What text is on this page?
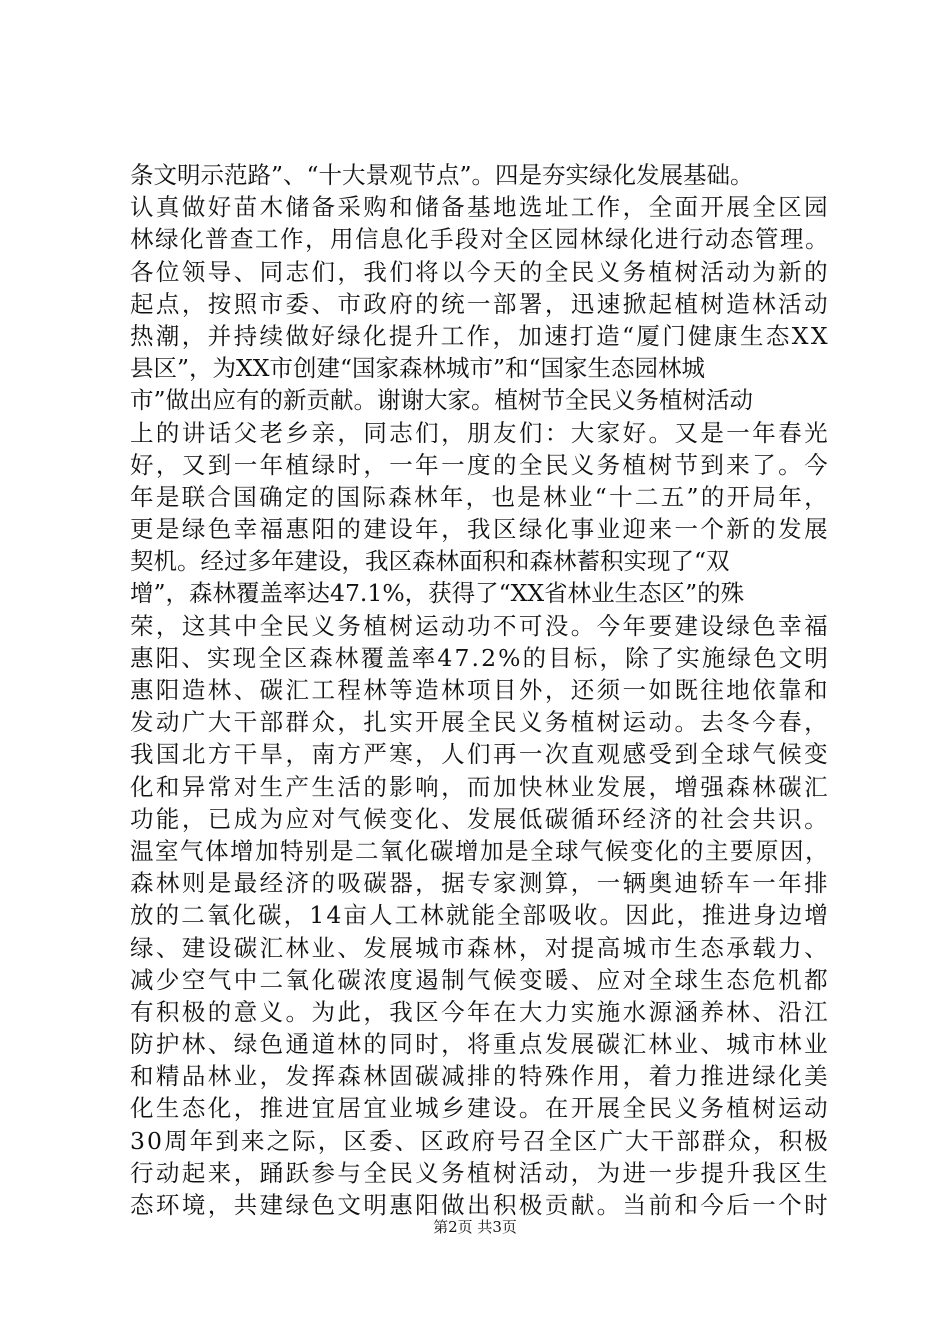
条文明示范路”、“十大景观节点”。四是夯实绿化发展基础。
认真做好苗木储备采购和储备基地选址工作，全面开展全区园
林绿化普查工作，用信息化手段对全区园林绿化进行动态管理。
各位领导、同志们，我们将以今天的全民义务植树活动为新的
起点，按照市委、市政府的统一部署，迅速掀起植树造林活动
热潮，并持续做好绿化提升工作，加速打造“厦门健康生态XX
县区”，为XX市创建“国家森林城市”和“国家生态园林城
市”做出应有的新贡献。谢谢大家。植树节全民义务植树活动
上的讲话父老乡亲，同志们，朋友们：大家好。又是一年春光
好，又到一年植绿时，一年一度的全民义务植树节到来了。今
年是联合国确定的国际森林年，也是林业“十二五”的开局年，
更是绿色幸福惠阳的建设年，我区绿化事业迎来一个新的发展
契机。经过多年建设，我区森林面积和森林蓄积实现了“双
增”，森林覆盖率达47.1%，获得了“XX省林业生态区”的殊
荣，这其中全民义务植树运动功不可没。今年要建设绿色幸福
惠阳、实现全区森林覆盖率47.2%的目标，除了实施绿色文明
惠阳造林、碳汇工程林等造林项目外，还须一如既往地依靠和
发动广大干部群众，扎实开展全民义务植树运动。去冬今春，
我国北方干旱，南方严寒，人们再一次直观感受到全球气候变
化和异常对生产生活的影响，而加快林业发展，增强森林碳汇
功能，已成为应对气候变化、发展低碳循环经济的社会共识。
温室气体增加特别是二氧化碳增加是全球气候变化的主要原因，
森林则是最经济的吸碳器，据专家测算，一辆奥迪轿车一年排
放的二氧化碳，14亩人工林就能全部吸收。因此，推进身边增
绿、建设碳汇林业、发展城市森林，对提高城市生态承载力、
减少空气中二氧化碳浓度遏制气候变暖、应对全球生态危机都
有积极的意义。为此，我区今年在大力实施水源涵养林、沿江
防护林、绿色通道林的同时，将重点发展碳汇林业、城市林业
和精品林业，发挥森林固碳减排的特殊作用，着力推进绿化美
化生态化，推进宜居宜业城乡建设。在开展全民义务植树运动
30周年到来之际，区委、区政府号召全区广大干部群众，积极
行动起来，踊跃参与全民义务植树活动，为进一步提升我区生
态环境，共建绿色文明惠阳做出积极贡献。当前和今后一个时
第2页 共3页
